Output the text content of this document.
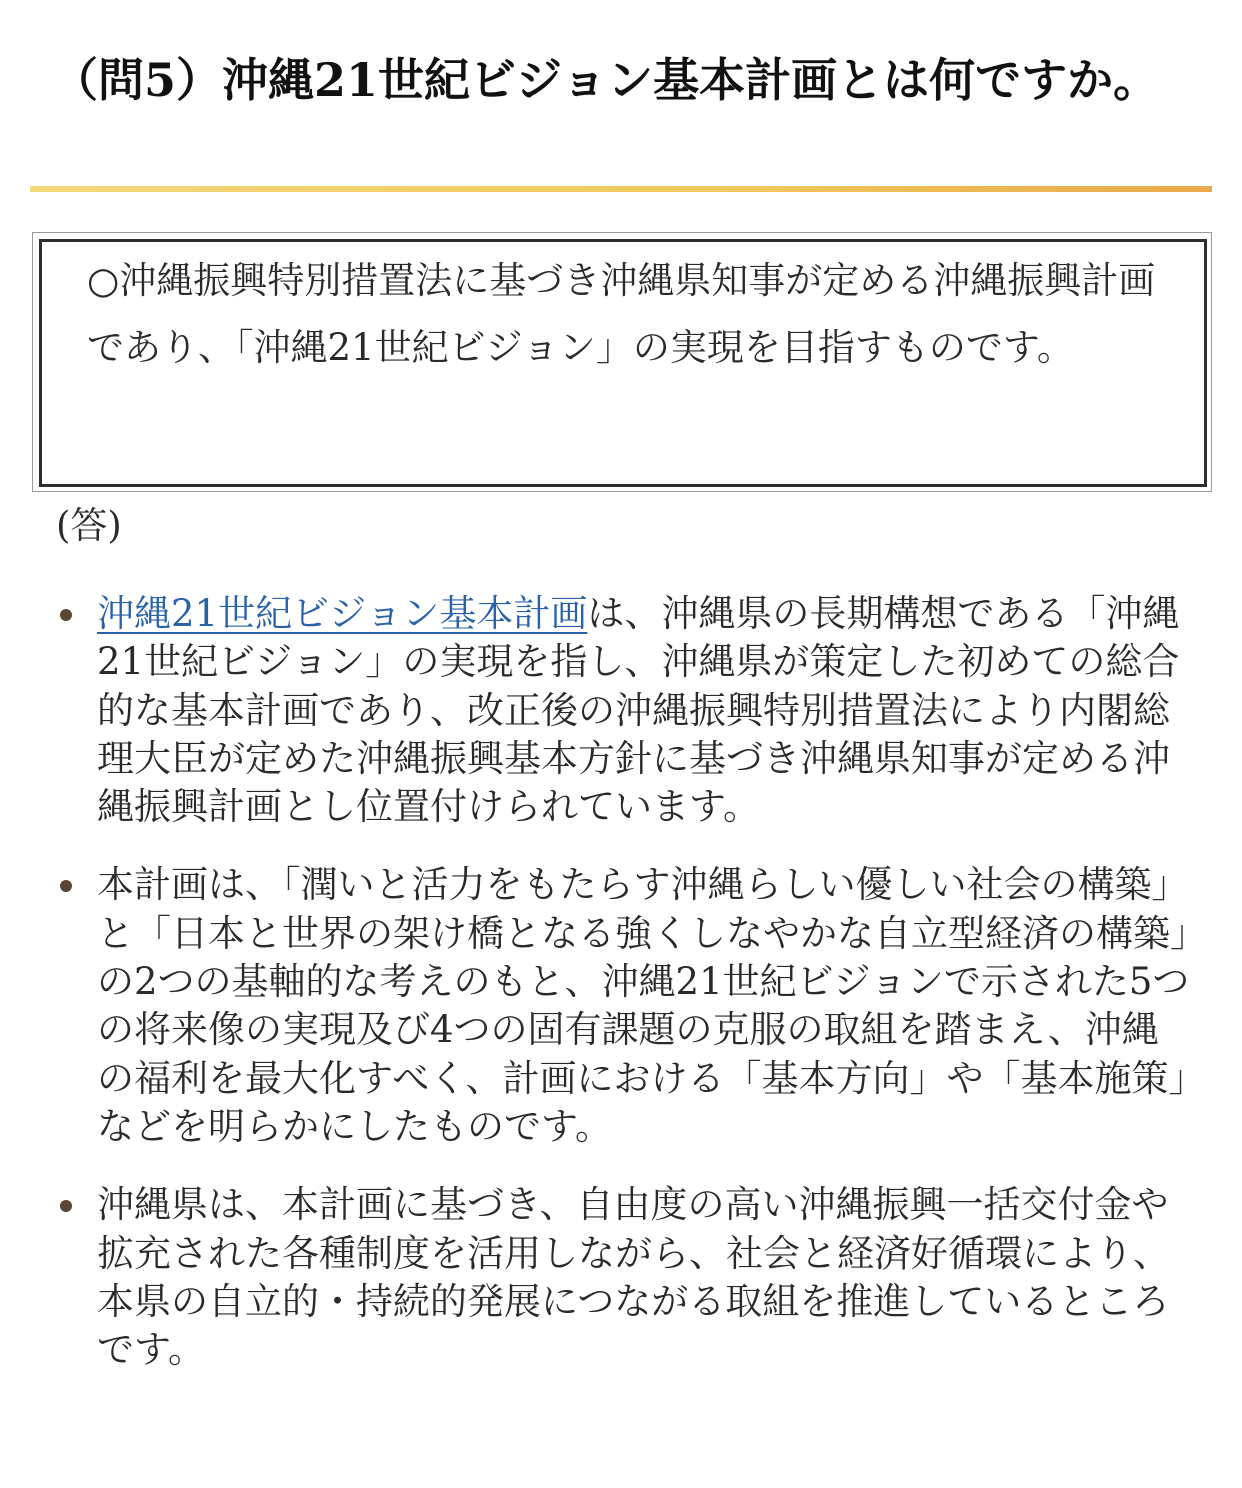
（問5）沖縄21世紀ビジョン基本計画とは何ですか。

○沖縄振興特別措置法に基づき沖縄県知事が定める沖縄振興計画であり、「沖縄21世紀ビジョン」の実現を目指すものです。

(答)

沖縄21世紀ビジョン基本計画は、沖縄県の長期構想である「沖縄21世紀ビジョン」の実現を指し、沖縄県が策定した初めての総合的な基本計画であり、改正後の沖縄振興特別措置法により内閣総理大臣が定めた沖縄振興基本方針に基づき沖縄県知事が定める沖縄振興計画とし位置付けられています。
本計画は、「潤いと活力をもたらす沖縄らしい優しい社会の構築」と「日本と世界の架け橋となる強くしなやかな自立型経済の構築」の2つの基軸的な考えのもと、沖縄21世紀ビジョンで示された5つの将来像の実現及び4つの固有課題の克服の取組を踏まえ、沖縄の福利を最大化すべく、計画における「基本方向」や「基本施策」などを明らかにしたものです。
沖縄県は、本計画に基づき、自由度の高い沖縄振興一括交付金や拡充された各種制度を活用しながら、社会と経済好循環により、本県の自立的・持続的発展につながる取組を推進しているところです。
